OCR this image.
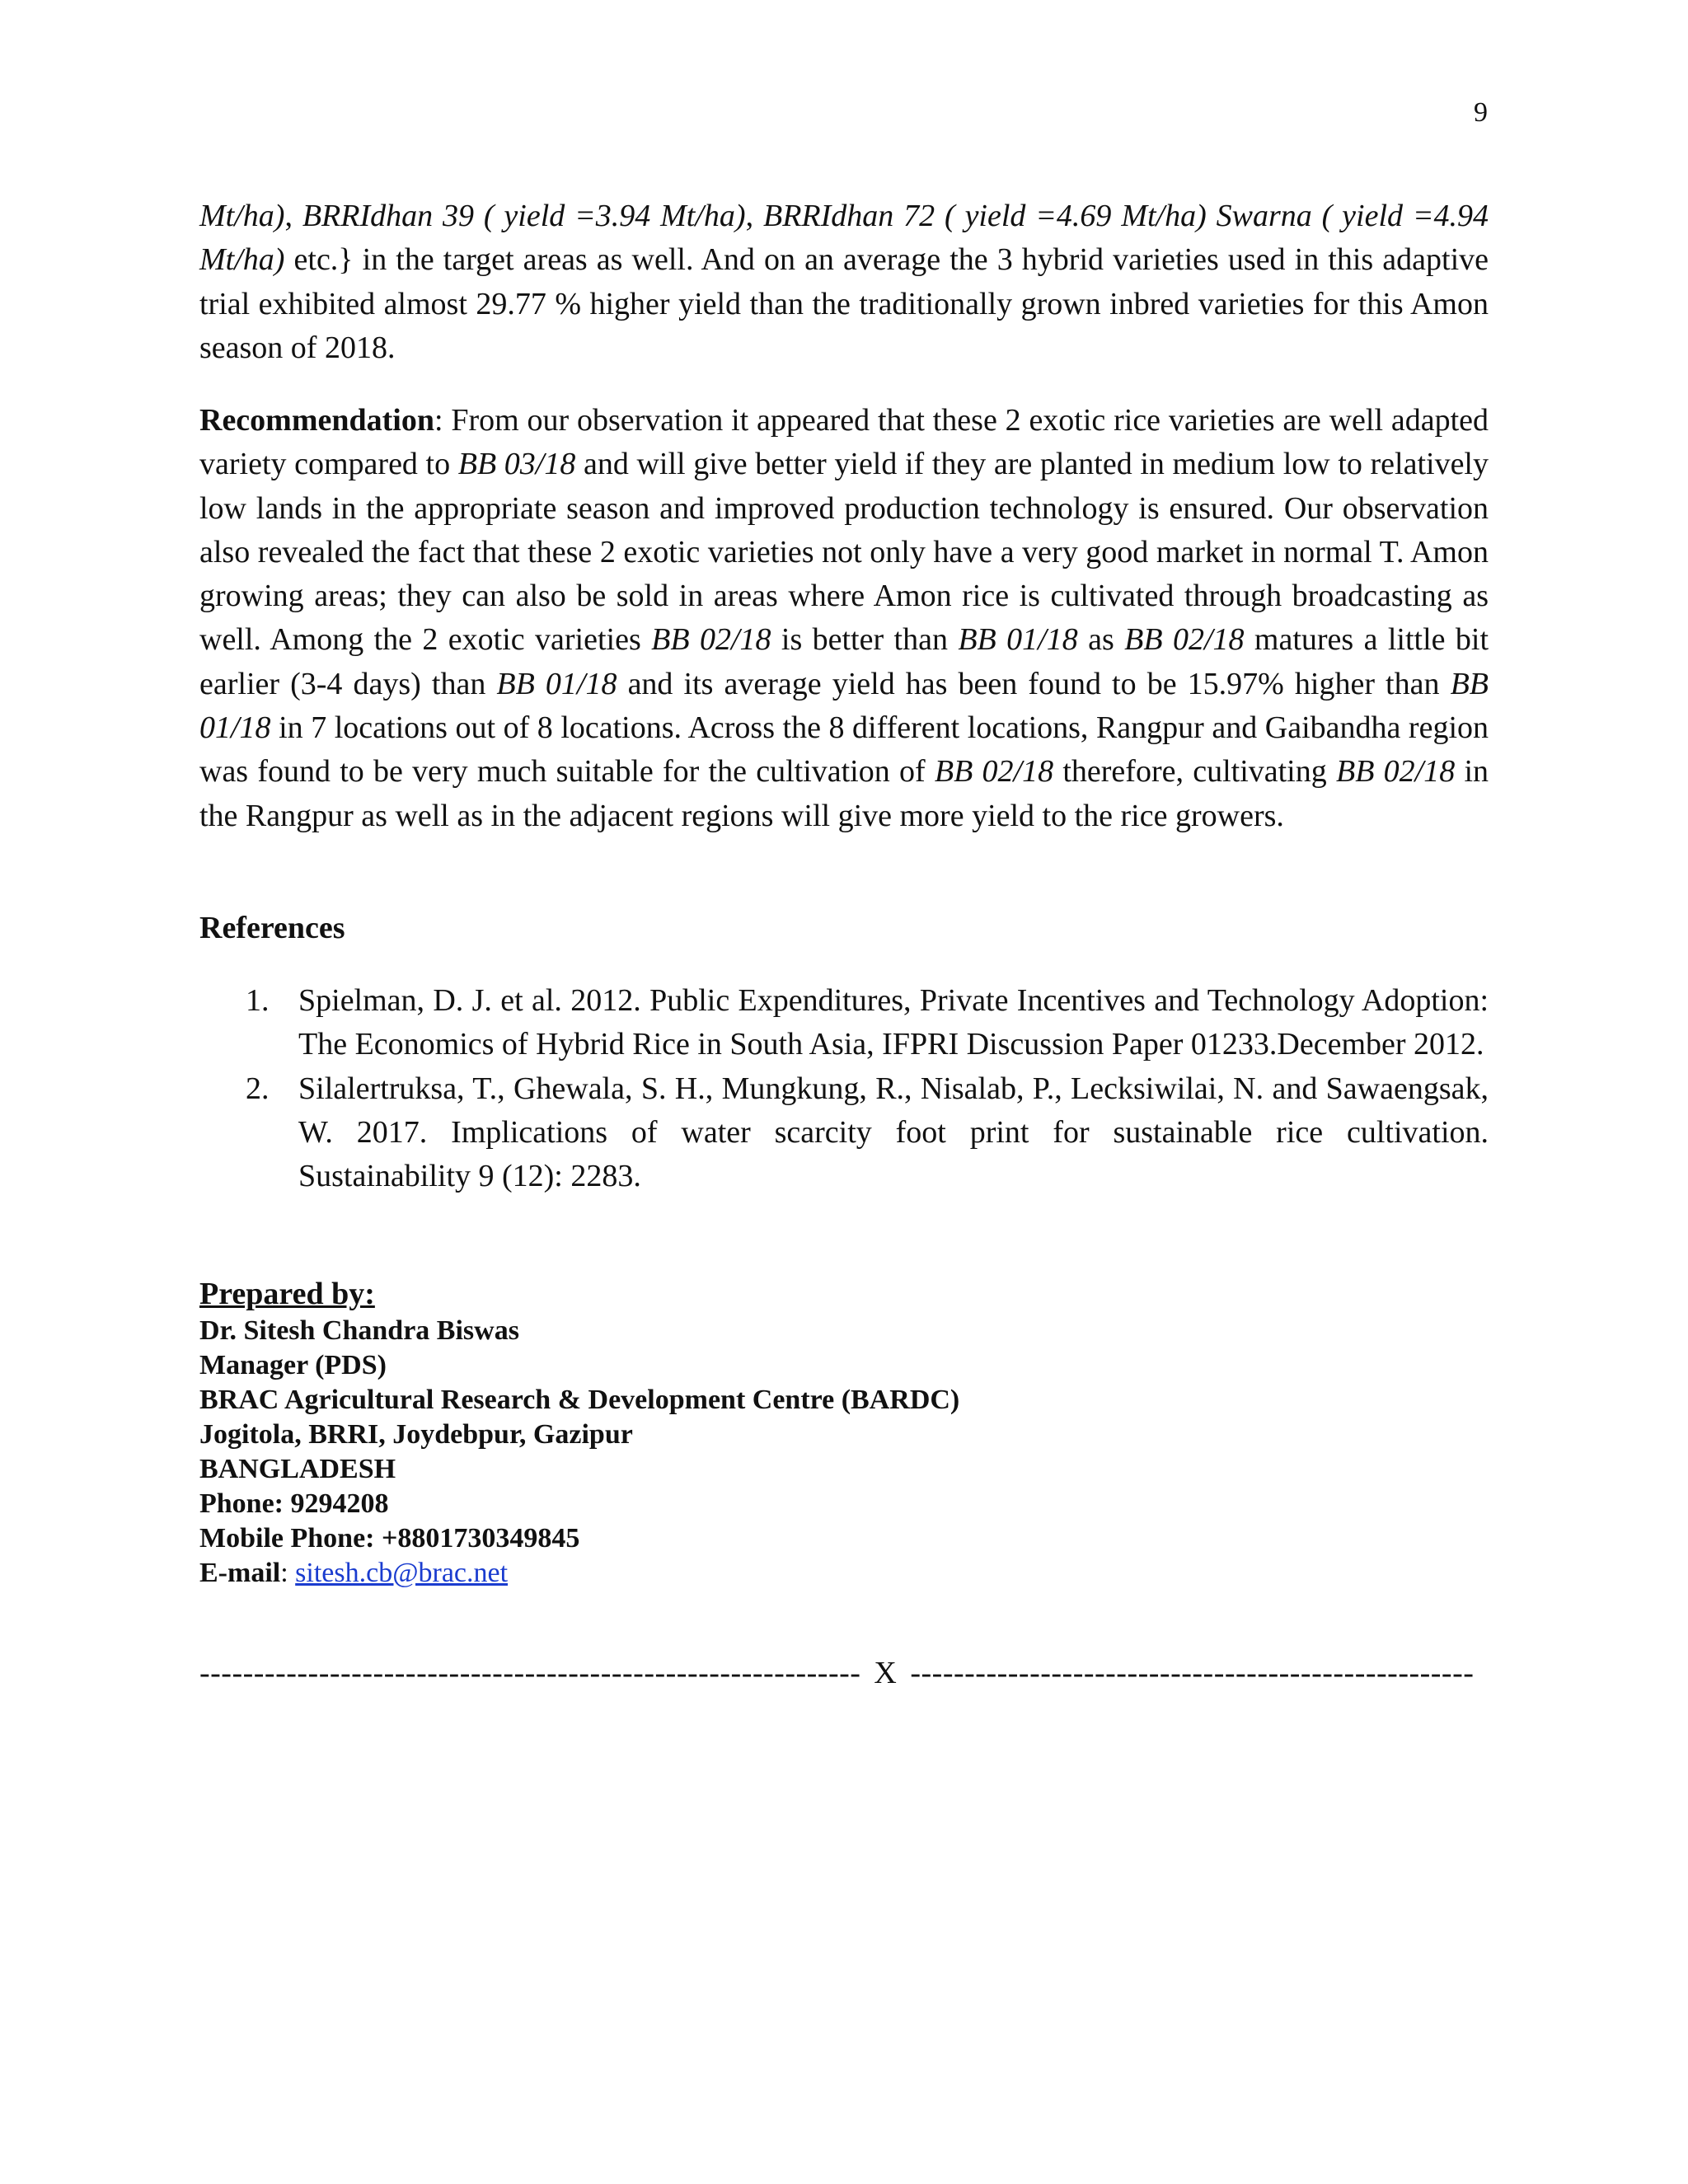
9

Mt/ha), BRRIdhan 39 ( yield =3.94 Mt/ha), BRRIdhan 72 ( yield =4.69 Mt/ha) Swarna ( yield =4.94 Mt/ha) etc.} in the target areas as well. And on an average the 3 hybrid varieties used in this adaptive trial exhibited almost 29.77 % higher yield than the traditionally grown inbred varieties for this Amon season of 2018.

Recommendation: From our observation it appeared that these 2 exotic rice varieties are well adapted variety compared to BB 03/18 and will give better yield if they are planted in medium low to relatively low lands in the appropriate season and improved production technology is ensured. Our observation also revealed the fact that these 2 exotic varieties not only have a very good market in normal T. Amon growing areas; they can also be sold in areas where Amon rice is cultivated through broadcasting as well. Among the 2 exotic varieties BB 02/18 is better than BB 01/18 as BB 02/18 matures a little bit earlier (3-4 days) than BB 01/18 and its average yield has been found to be 15.97% higher than BB 01/18 in 7 locations out of 8 locations. Across the 8 different locations, Rangpur and Gaibandha region was found to be very much suitable for the cultivation of BB 02/18 therefore, cultivating BB 02/18 in the Rangpur as well as in the adjacent regions will give more yield to the rice growers.

References
1. Spielman, D. J. et al. 2012. Public Expenditures, Private Incentives and Technology Adoption: The Economics of Hybrid Rice in South Asia, IFPRI Discussion Paper 01233.December 2012.
2. Silalertruksa, T., Ghewala, S. H., Mungkung, R., Nisalab, P., Lecksiwilai, N. and Sawaengsak, W. 2017. Implications of water scarcity foot print for sustainable rice cultivation. Sustainability 9 (12): 2283.
Prepared by:
Dr. Sitesh Chandra Biswas
Manager (PDS)
BRAC Agricultural Research & Development Centre (BARDC)
Jogitola, BRRI, Joydebpur, Gazipur
BANGLADESH
Phone: 9294208
Mobile Phone: +8801730349845
E-mail: sitesh.cb@brac.net
------------------------------------------------------------- X ----------------------------------------------------
